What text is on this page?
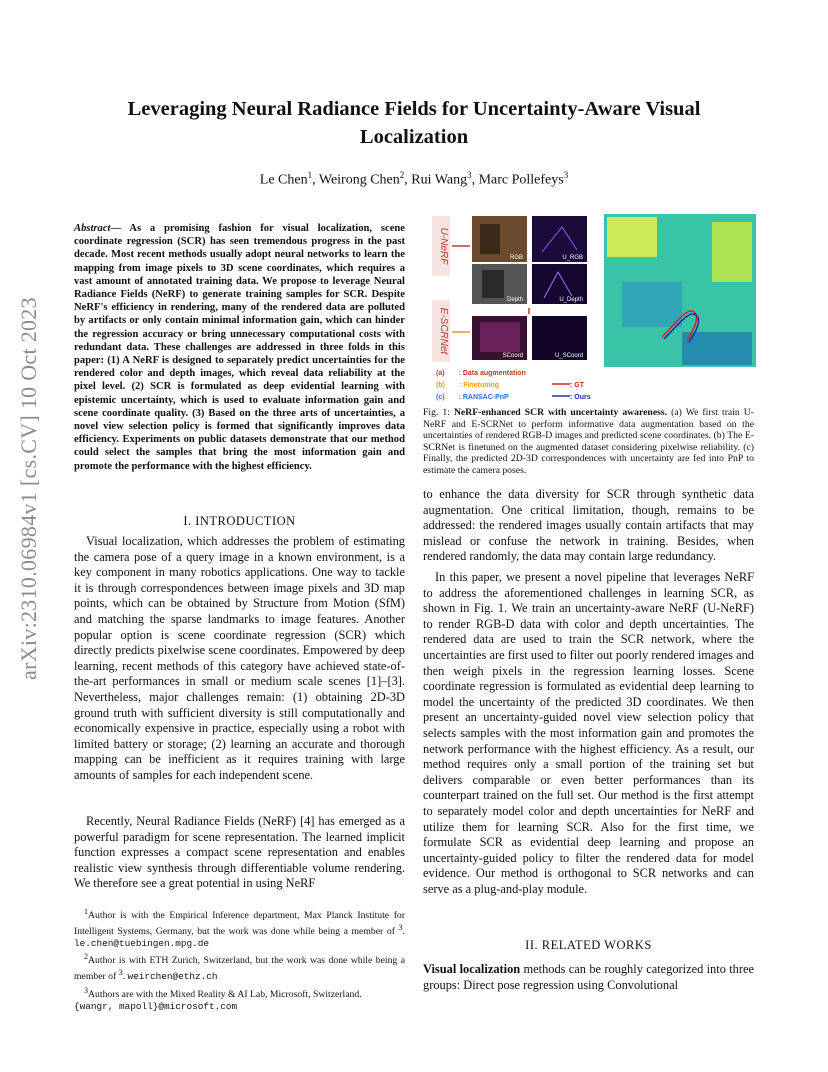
Leveraging Neural Radiance Fields for Uncertainty-Aware Visual Localization
Le Chen$^1$, Weirong Chen$^2$, Rui Wang$^3$, Marc Pollefeys$^3$
arXiv:2310.06984v1 [cs.CV] 10 Oct 2023

Abstract— As a promising fashion for visual localization, scene coordinate regression (SCR) has seen tremendous progress in the past decade. Most recent methods usually adopt neural networks to learn the mapping from image pixels to 3D scene coordinates, which requires a vast amount of annotated training data. We propose to leverage Neural Radiance Fields (NeRF) to generate training samples for SCR. Despite NeRF's efficiency in rendering, many of the rendered data are polluted by artifacts or only contain minimal information gain, which can hinder the regression accuracy or bring unnecessary computational costs with redundant data. These challenges are addressed in three folds in this paper: (1) A NeRF is designed to separately predict uncertainties for the rendered color and depth images, which reveal data reliability at the pixel level. (2) SCR is formulated as deep evidential learning with epistemic uncertainty, which is used to evaluate information gain and scene coordinate quality. (3) Based on the three arts of uncertainties, a novel view selection policy is formed that significantly improves data efficiency. Experiments on public datasets demonstrate that our method could select the samples that bring the most information gain and promote the performance with the highest efficiency.

I. INTRODUCTION

Visual localization, which addresses the problem of estimating the camera pose of a query image in a known environment, is a key component in many robotics applications. One way to tackle it is through correspondences between image pixels and 3D map points, which can be obtained by Structure from Motion (SfM) and matching the sparse landmarks to image features. Another popular option is scene coordinate regression (SCR) which directly predicts pixelwise scene coordinates. Empowered by deep learning, recent methods of this category have achieved state-of-the-art performances in small or medium scale scenes [1]–[3]. Nevertheless, major challenges remain: (1) obtaining 2D-3D ground truth with sufficient diversity is still computationally and economically expensive in practice, especially using a robot with limited battery or storage; (2) learning an accurate and thorough mapping can be inefficient as it requires training with large amounts of samples for each independent scene.

Recently, Neural Radiance Fields (NeRF) [4] has emerged as a powerful paradigm for scene representation. The learned implicit function expresses a compact scene representation and enables realistic view synthesis through differentiable volume rendering. We therefore see a great potential in using NeRF

$^1$Author is with the Empirical Inference department, Max Planck Institute for Intelligent Systems, Germany, but the work was done while being a member of $^3$. le.chen@tuebingen.mpg.de

$^2$Author is with ETH Zurich, Switzerland, but the work was done while being a member of $^3$. weirchen@ethz.ch

$^3$Authors are with the Mixed Reality & AI Lab, Microsoft, Switzerland.
{wangr, mapoll}@microsoft.com

U-NeRF
E-SCRNet
RGB	U_RGB
Depth	U_Depth
SCoord	U_SCoord
(a) : Data augmentation
(b) : Finetuning
(c) : RANSAC-PnP
: GT
: Ours

Fig. 1: NeRF-enhanced SCR with uncertainty awareness. (a) We first train U-NeRF and E-SCRNet to perform informative data augmentation based on the uncertainties of rendered RGB-D images and predicted scene coordinates. (b) The E-SCRNet is finetuned on the augmented dataset considering pixelwise reliability. (c) Finally, the predicted 2D-3D correspondences with uncertainty are fed into PnP to estimate the camera poses.

to enhance the data diversity for SCR through synthetic data augmentation. One critical limitation, though, remains to be addressed: the rendered images usually contain artifacts that may mislead or confuse the network in training. Besides, when rendered randomly, the data may contain large redundancy.

In this paper, we present a novel pipeline that leverages NeRF to address the aforementioned challenges in learning SCR, as shown in Fig. 1. We train an uncertainty-aware NeRF (U-NeRF) to render RGB-D data with color and depth uncertainties. The rendered data are used to train the SCR network, where the uncertainties are first used to filter out poorly rendered images and then weigh pixels in the regression learning losses. Scene coordinate regression is formulated as evidential deep learning to model the uncertainty of the predicted 3D coordinates. We then present an uncertainty-guided novel view selection policy that selects samples with the most information gain and promotes the network performance with the highest efficiency. As a result, our method requires only a small portion of the training set but delivers comparable or even better performances than its counterpart trained on the full set. Our method is the first attempt to separately model color and depth uncertainties for NeRF and utilize them for learning SCR. Also for the first time, we formulate SCR as evidential deep learning and propose an uncertainty-guided policy to filter the rendered data for model evidence. Our method is orthogonal to SCR networks and can serve as a plug-and-play module.

II. RELATED WORKS

Visual localization methods can be roughly categorized into three groups: Direct pose regression using Convolutional
